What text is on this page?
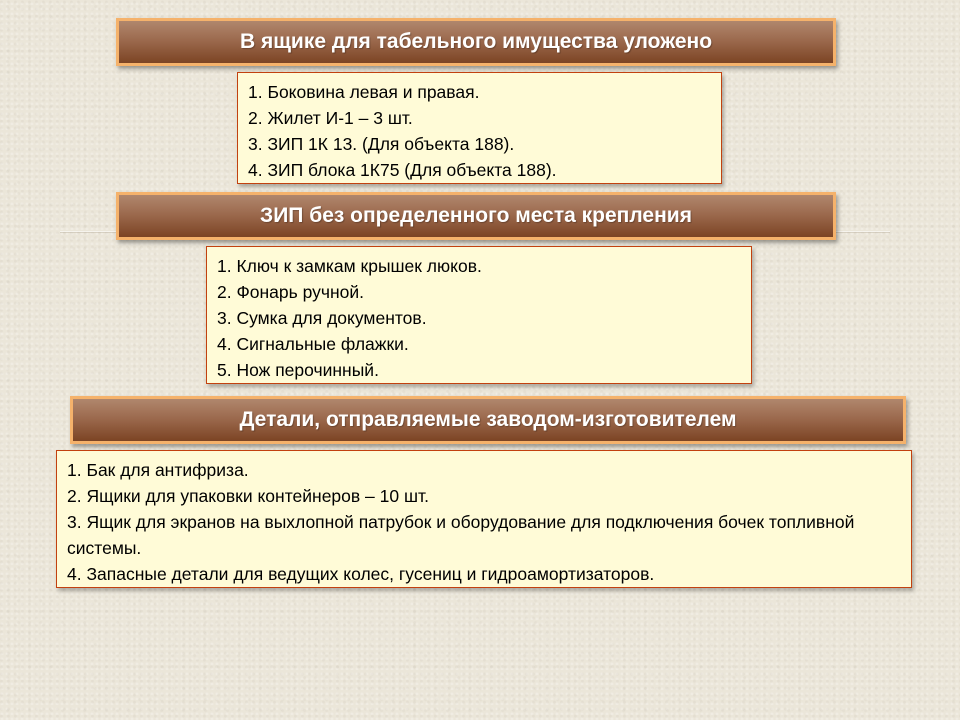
В ящике для табельного имущества уложено
1. Боковина левая и правая.
2. Жилет И-1 – 3 шт.
3. ЗИП 1К 13. (Для объекта 188).
4. ЗИП блока 1К75 (Для объекта 188).
ЗИП без определенного места крепления
1. Ключ к замкам крышек люков.
2. Фонарь ручной.
3. Сумка для документов.
4. Сигнальные флажки.
5. Нож перочинный.
Детали, отправляемые заводом-изготовителем
1. Бак для антифриза.
2. Ящики для упаковки контейнеров – 10 шт.
3. Ящик для экранов на выхлопной патрубок и оборудование для подключения бочек топливной системы.
4. Запасные детали для ведущих колес, гусениц и гидроамортизаторов.
